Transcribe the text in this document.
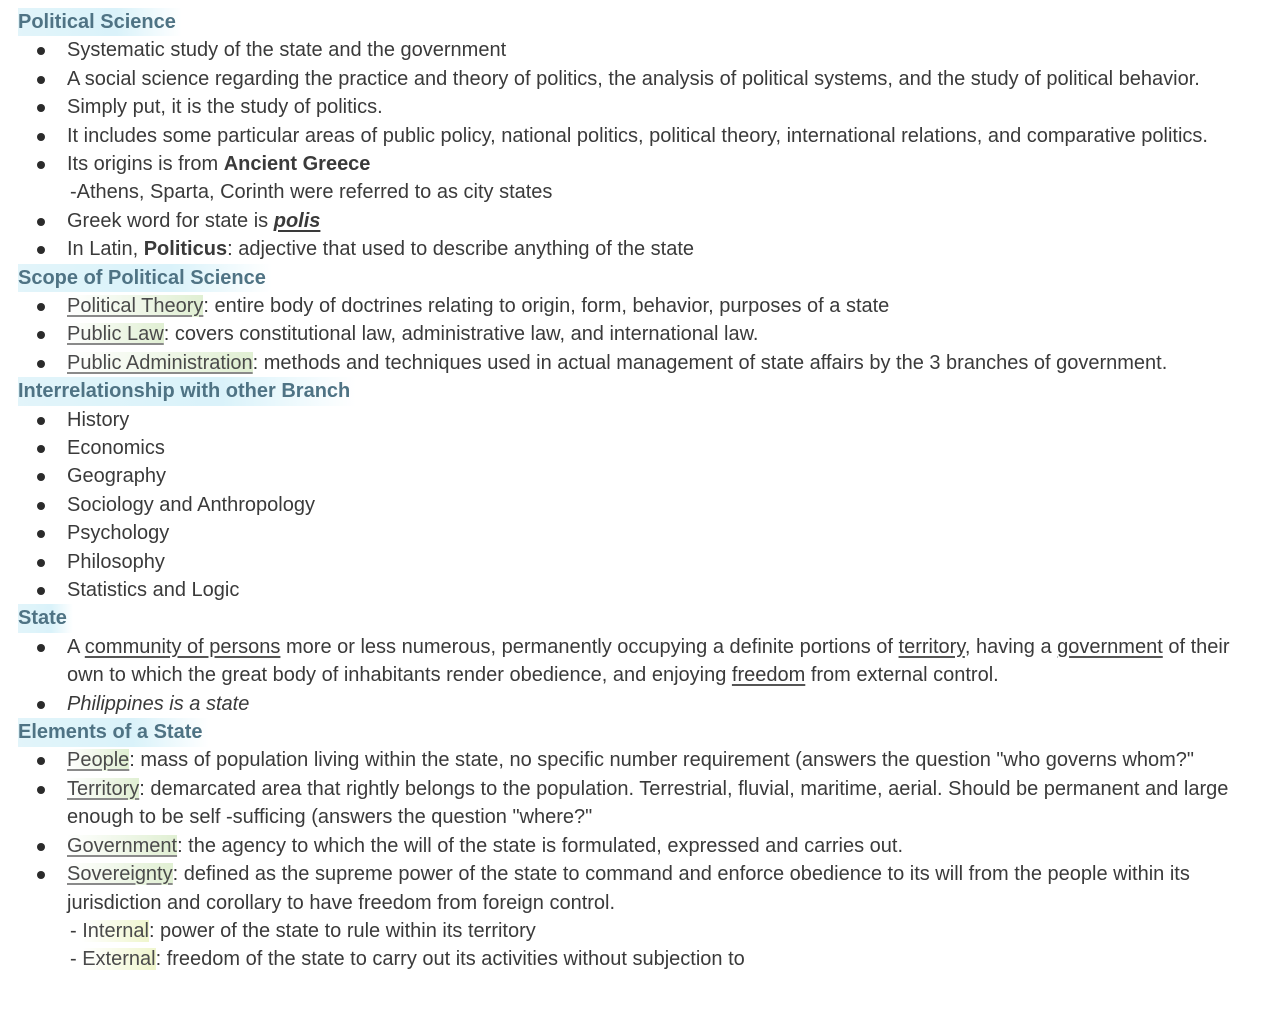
Political Science
Systematic study of the state and the government
A social science regarding the practice and theory of politics, the analysis of political systems, and the study of political behavior.
Simply put, it is the study of politics.
It includes some particular areas of public policy, national politics, political theory, international relations, and comparative politics.
Its origins is from Ancient Greece
-Athens, Sparta, Corinth were referred to as city states
Greek word for state is polis
In Latin, Politicus: adjective that used to describe anything of the state
Scope of Political Science
Political Theory: entire body of doctrines relating to origin, form, behavior, purposes of a state
Public Law: covers constitutional law, administrative law, and international law.
Public Administration: methods and techniques used in actual management of state affairs by the 3 branches of government.
Interrelationship with other Branch
History
Economics
Geography
Sociology and Anthropology
Psychology
Philosophy
Statistics and Logic
State
A community of persons more or less numerous, permanently occupying a definite portions of territory, having a government of their own to which the great body of inhabitants render obedience, and enjoying freedom from external control.
Philippines is a state
Elements of a State
People: mass of population living within the state, no specific number requirement (answers the question "who governs whom?"
Territory: demarcated area that rightly belongs to the population. Terrestrial, fluvial, maritime, aerial. Should be permanent and large enough to be self -sufficing (answers the question "where?"
Government: the agency to which the will of the state is formulated, expressed and carries out.
Sovereignty: defined as the supreme power of the state to command and enforce obedience to its will from the people within its jurisdiction and corollary to have freedom from foreign control.
- Internal: power of the state to rule within its territory
- External: freedom of the state to carry out its activities without subjection to
